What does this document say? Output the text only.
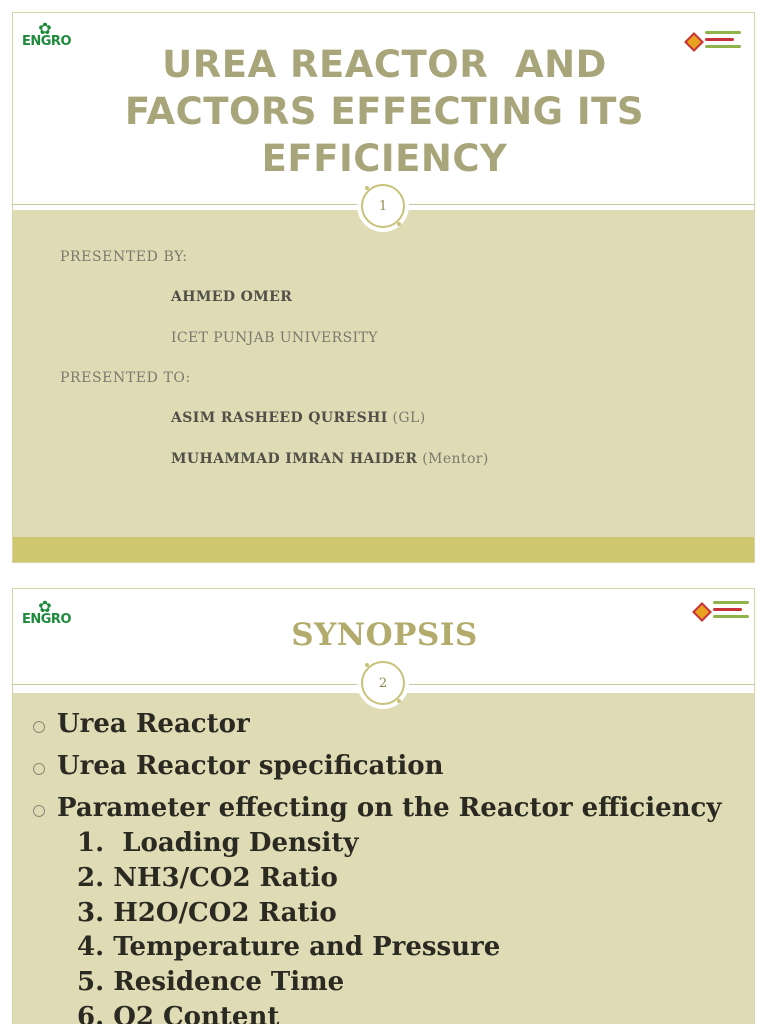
✿
ENGRO
UREA REACTOR  AND
FACTORS EFFECTING ITS
EFFICIENCY
1
PRESENTED BY:
AHMED OMER
ICET PUNJAB UNIVERSITY
PRESENTED TO:
ASIM RASHEED QURESHI (GL)
MUHAMMAD IMRAN HAIDER (Mentor)
✿
ENGRO	SYNOPSIS
2
Urea Reactor
Urea Reactor specification
Parameter effecting on the Reactor efficiency
1.  Loading Density
2. NH3/CO2 Ratio
3. H2O/CO2 Ratio
4. Temperature and Pressure
5. Residence Time
6. O2 Content
